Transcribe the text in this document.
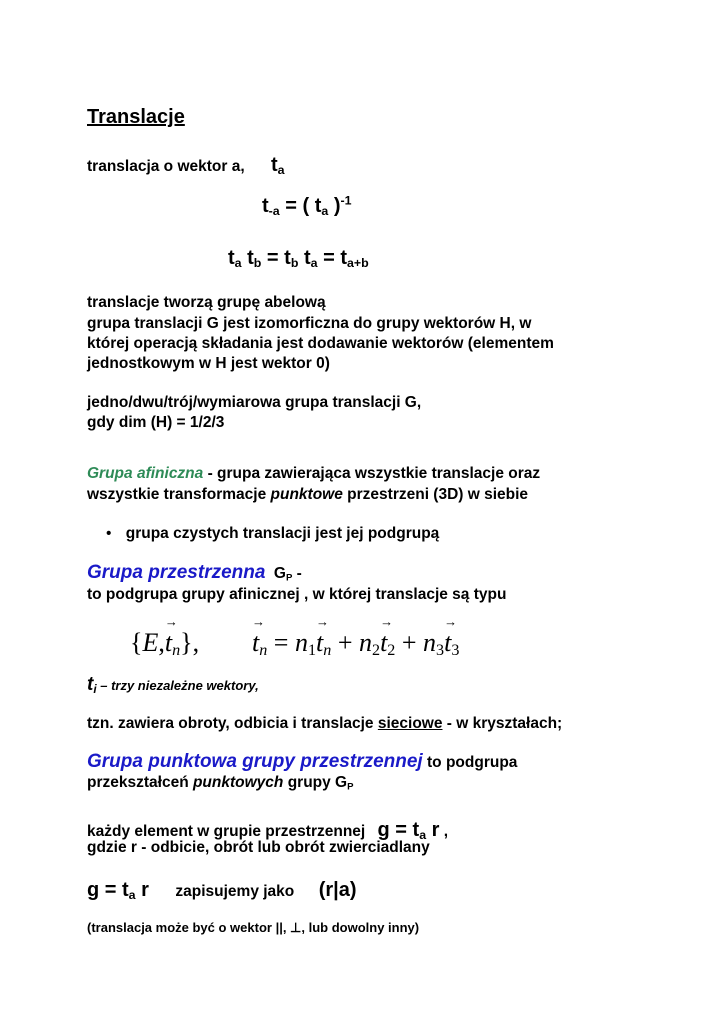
Translacje
translacja o wektor a, $t_a$
$t_{-a}$ = ( $t_a$ )$^{-1}$
$t_a$ $t_b = t_b$ $t_a = t_{a+b}$
translacje tworzą grupę abelową
grupa translacji G jest izomorficzna do grupy wektorów H, w
której operacją składania jest dodawanie wektorów (elementem
jednostkowym w H jest wektor 0)
jedno/dwu/trój/wymiarowa grupa translacji G,
gdy dim (H) = 1/2/3
Grupa afiniczna - grupa zawierająca wszystkie translacje oraz
wszystkie transformacje punktowe przestrzeni (3D) w siebie
• grupa czystych translacji jest jej podgrupą
Grupa przestrzenna $G_P$ -
to podgrupa grupy afinicznej , w której translacje są typu
$\{E,\to t_n\}$,
→ $t_n = n_1\to t_n + n_2\to t_2 + n_3\to t_3$
$t_i$ – trzy niezależne wektory,
tzn. zawiera obroty, odbicia i translacje sieciowe - w kryształach;
Grupa punktowa grupy przestrzennej to podgrupa
przekształceń punktowych grupy $G_P$
każdy element w grupie przestrzennej $g = t_a$ r ,
gdzie r - odbicie, obrót lub obrót zwierciadlany
$g = t_a$ r zapisujemy jako (r|a)
(translacja może być o wektor ||, ⊥, lub dowolny inny)
